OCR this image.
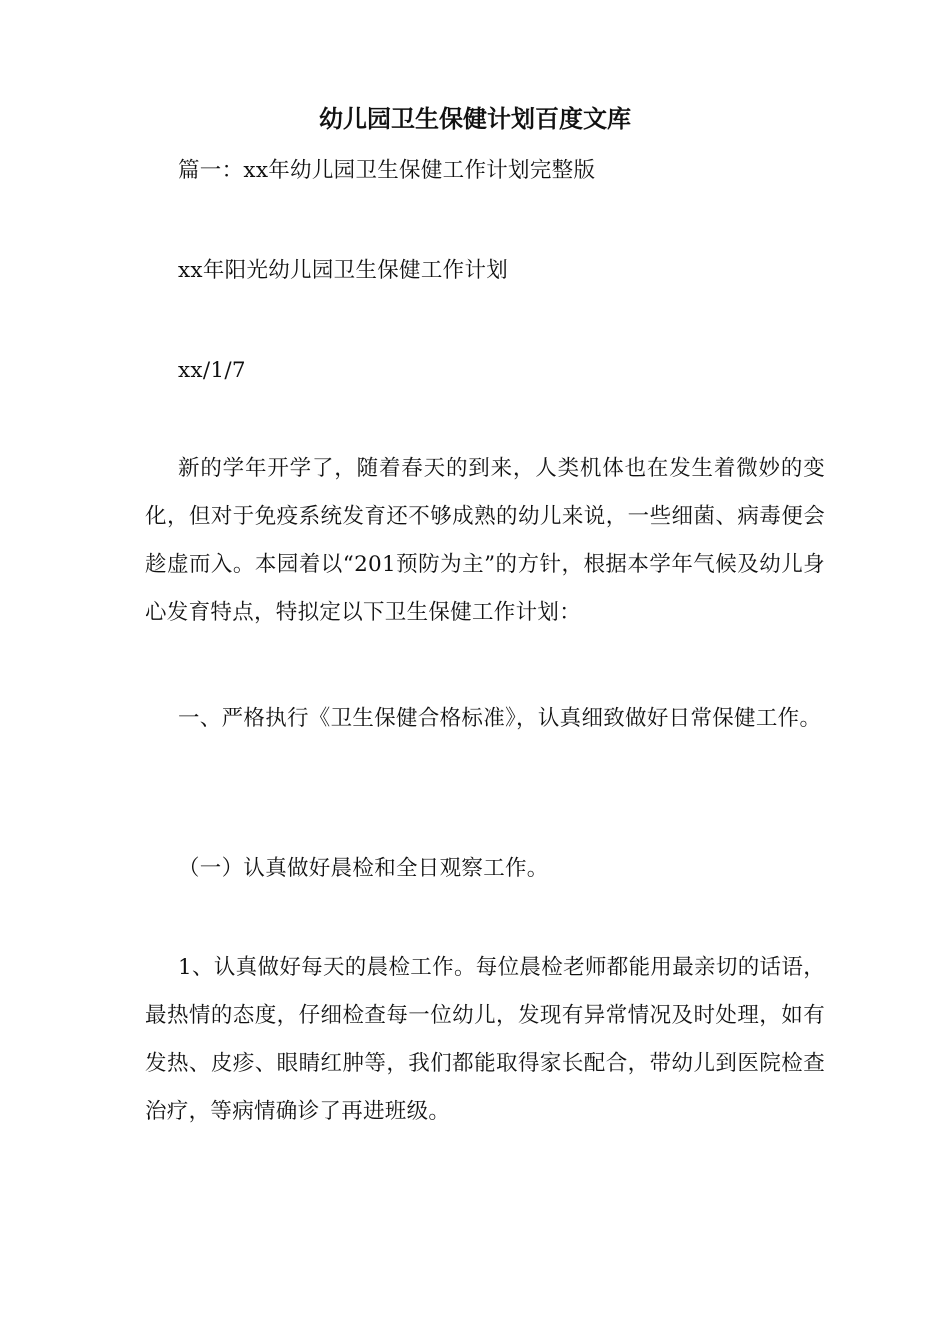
幼儿园卫生保健计划百度文库

篇一：xx年幼儿园卫生保健工作计划完整版

xx年阳光幼儿园卫生保健工作计划

xx/1/7

新的学年开学了，随着春天的到来，人类机体也在发生着微妙的变化，但对于免疫系统发育还不够成熟的幼儿来说，一些细菌、病毒便会趁虚而入。本园着以“201预防为主”的方针，根据本学年气候及幼儿身心发育特点，特拟定以下卫生保健工作计划：

一、严格执行《卫生保健合格标准》，认真细致做好日常保健工作。

（一）认真做好晨检和全日观察工作。

1、认真做好每天的晨检工作。每位晨检老师都能用最亲切的话语，最热情的态度，仔细检查每一位幼儿，发现有异常情况及时处理，如有发热、皮疹、眼睛红肿等，我们都能取得家长配合，带幼儿到医院检查治疗，等病情确诊了再进班级。
